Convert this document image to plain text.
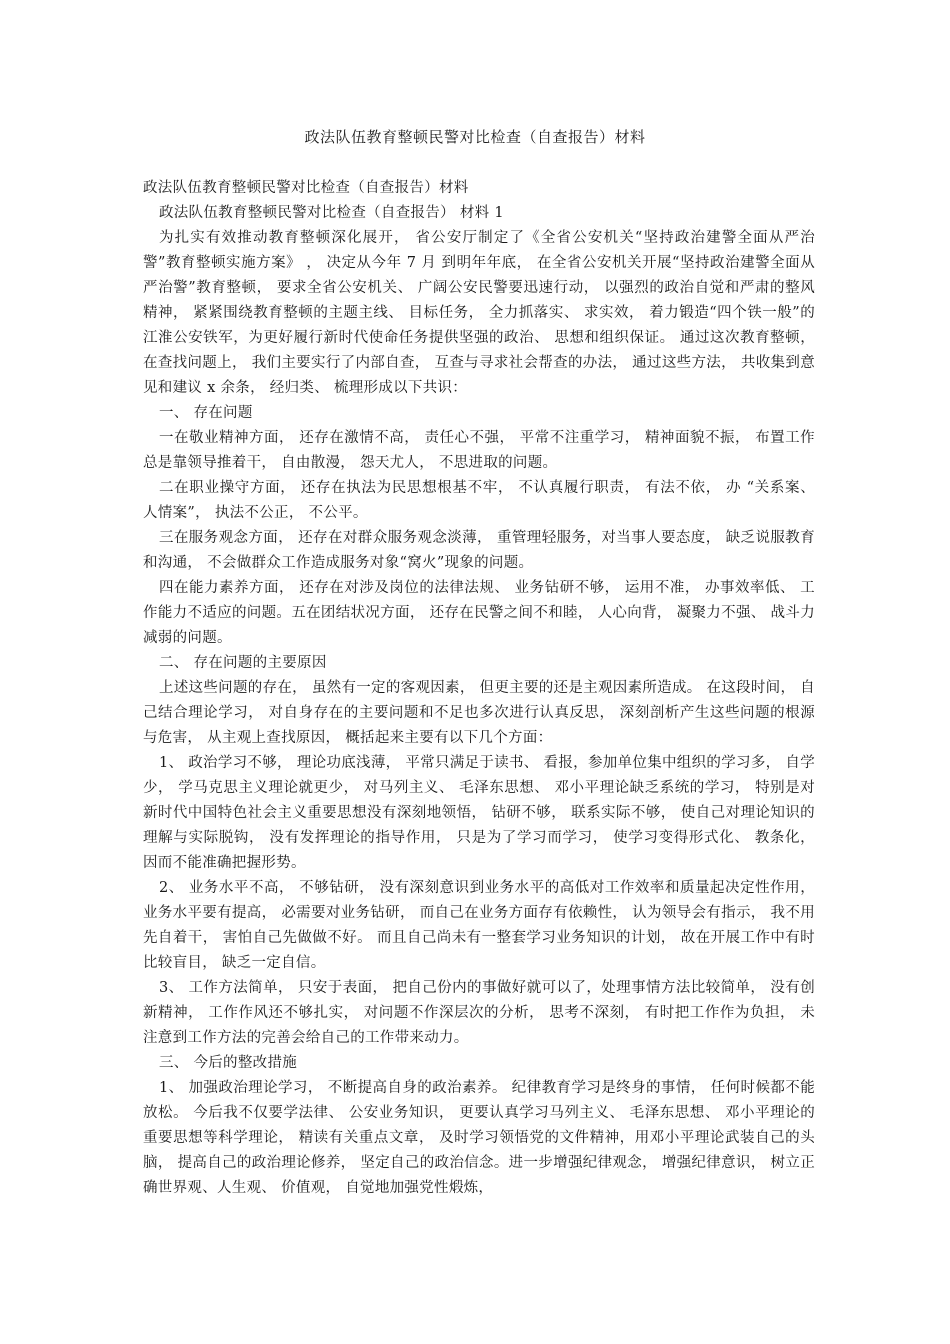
政法队伍教育整顿民警对比检查（自查报告）材料

政法队伍教育整顿民警对比检查（自查报告）材料

政法队伍教育整顿民警对比检查（自查报告） 材料 1

为扎实有效推动教育整顿深化展开， 省公安厅制定了《全省公安机关“坚持政治建警全面从严治警”教育整顿实施方案》 ， 决定从今年 7 月 到明年年底， 在全省公安机关开展“坚持政治建警全面从严治警”教育整顿， 要求全省公安机关、 广阔公安民警要迅速行动， 以强烈的政治自觉和严肃的整风精神， 紧紧围绕教育整顿的主题主线、 目标任务， 全力抓落实、 求实效， 着力锻造“四个铁一般”的江淮公安铁军，为更好履行新时代使命任务提供坚强的政治、 思想和组织保证。 通过这次教育整顿， 在查找问题上， 我们主要实行了内部自查， 互查与寻求社会帮查的办法， 通过这些方法， 共收集到意见和建议 x 余条， 经归类、 梳理形成以下共识：

一、 存在问题

一在敬业精神方面， 还存在激情不高， 责任心不强， 平常不注重学习， 精神面貌不振， 布置工作总是靠领导推着干， 自由散漫， 怨天尤人， 不思进取的问题。

二在职业操守方面， 还存在执法为民思想根基不牢， 不认真履行职责， 有法不依， 办 “关系案、 人情案”， 执法不公正， 不公平。

三在服务观念方面， 还存在对群众服务观念淡薄， 重管理轻服务，对当事人要态度， 缺乏说服教育和沟通， 不会做群众工作造成服务对象“窝火”现象的问题。

四在能力素养方面， 还存在对涉及岗位的法律法规、 业务钻研不够， 运用不准， 办事效率低、 工作能力不适应的问题。五在团结状况方面， 还存在民警之间不和睦， 人心向背， 凝聚力不强、 战斗力减弱的问题。

二、 存在问题的主要原因

上述这些问题的存在， 虽然有一定的客观因素， 但更主要的还是主观因素所造成。 在这段时间， 自己结合理论学习， 对自身存在的主要问题和不足也多次进行认真反思， 深刻剖析产生这些问题的根源与危害， 从主观上查找原因， 概括起来主要有以下几个方面：

1、 政治学习不够， 理论功底浅薄， 平常只满足于读书、 看报，参加单位集中组织的学习多， 自学少， 学马克思主义理论就更少， 对马列主义、 毛泽东思想、 邓小平理论缺乏系统的学习， 特别是对新时代中国特色社会主义重要思想没有深刻地领悟， 钻研不够， 联系实际不够， 使自己对理论知识的理解与实际脱钩， 没有发挥理论的指导作用， 只是为了学习而学习， 使学习变得形式化、 教条化， 因而不能准确把握形势。

2、 业务水平不高， 不够钻研， 没有深刻意识到业务水平的高低对工作效率和质量起决定性作用， 业务水平要有提高， 必需要对业务钻研， 而自己在业务方面存有依赖性， 认为领导会有指示， 我不用先自着干， 害怕自己先做做不好。 而且自己尚未有一整套学习业务知识的计划， 故在开展工作中有时比较盲目， 缺乏一定自信。

3、 工作方法简单， 只安于表面， 把自己份内的事做好就可以了，处理事情方法比较简单， 没有创新精神， 工作作风还不够扎实， 对问题不作深层次的分析， 思考不深刻， 有时把工作作为负担， 未注意到工作方法的完善会给自己的工作带来动力。

三、 今后的整改措施

1、 加强政治理论学习， 不断提高自身的政治素养。 纪律教育学习是终身的事情， 任何时候都不能放松。 今后我不仅要学法律、 公安业务知识， 更要认真学习马列主义、 毛泽东思想、 邓小平理论的重要思想等科学理论， 精读有关重点文章， 及时学习领悟党的文件精神，用邓小平理论武装自己的头脑， 提高自己的政治理论修养， 坚定自己的政治信念。进一步增强纪律观念， 增强纪律意识， 树立正确世界观、人生观、 价值观， 自觉地加强党性煅炼，
